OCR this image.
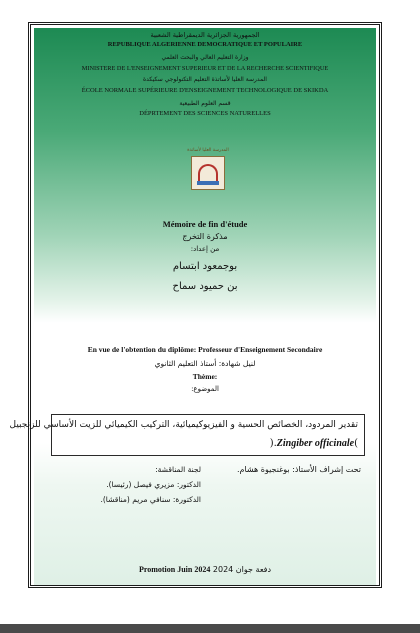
الجمهورية الجزائرية الديمقراطية الشعبية
REPUBLIQUE ALGERIENNE DEMOCRATIQUE ET POPULAIRE
وزارة التعليم العالي والبحث العلمي
MINISTERE DE L'ENSEIGNEMENT SUPERIEUR ET DE LA RECHERCHE SCIENTIFIQUE
المدرسة العليا لأساتذة التعليم التكنولوجي سكيكدة
ÉCOLE NORMALE SUPÉRIEURE D'ENSEIGNEMENT TECHNOLOGIQUE DE SKIKDA
قسم العلوم الطبيعية
DÉPRTEMENT DES SCIENCES NATURELLES
المدرسة العليا لأساتذة
Mémoire de fin d'étude
مذكرة التخرج
من إعداد:
بوجمعود ابتسام
بن حميود سماح
En vue de l'obtention du diplôme: Professeur d'Enseignement Secondaire
لنيل شهادة: أستاذ التعليم الثانوي
Thème:
الموضوع:
تقدير المردود، الخصائص الحسية و الفيزيوكيميائية، التركيب الكيميائي للزيت الأساسي للزنجبيل
).Zingiber officinale(
تحت إشراف الأستاذ: بوغنجيوة هشام.
لجنة المناقشة:
الدكتور: مزيري فيصل (رئيسا).
الدكتورة: سنافي مريم (مناقشا).
Promotion Juin 2024 دفعة جوان 2024
